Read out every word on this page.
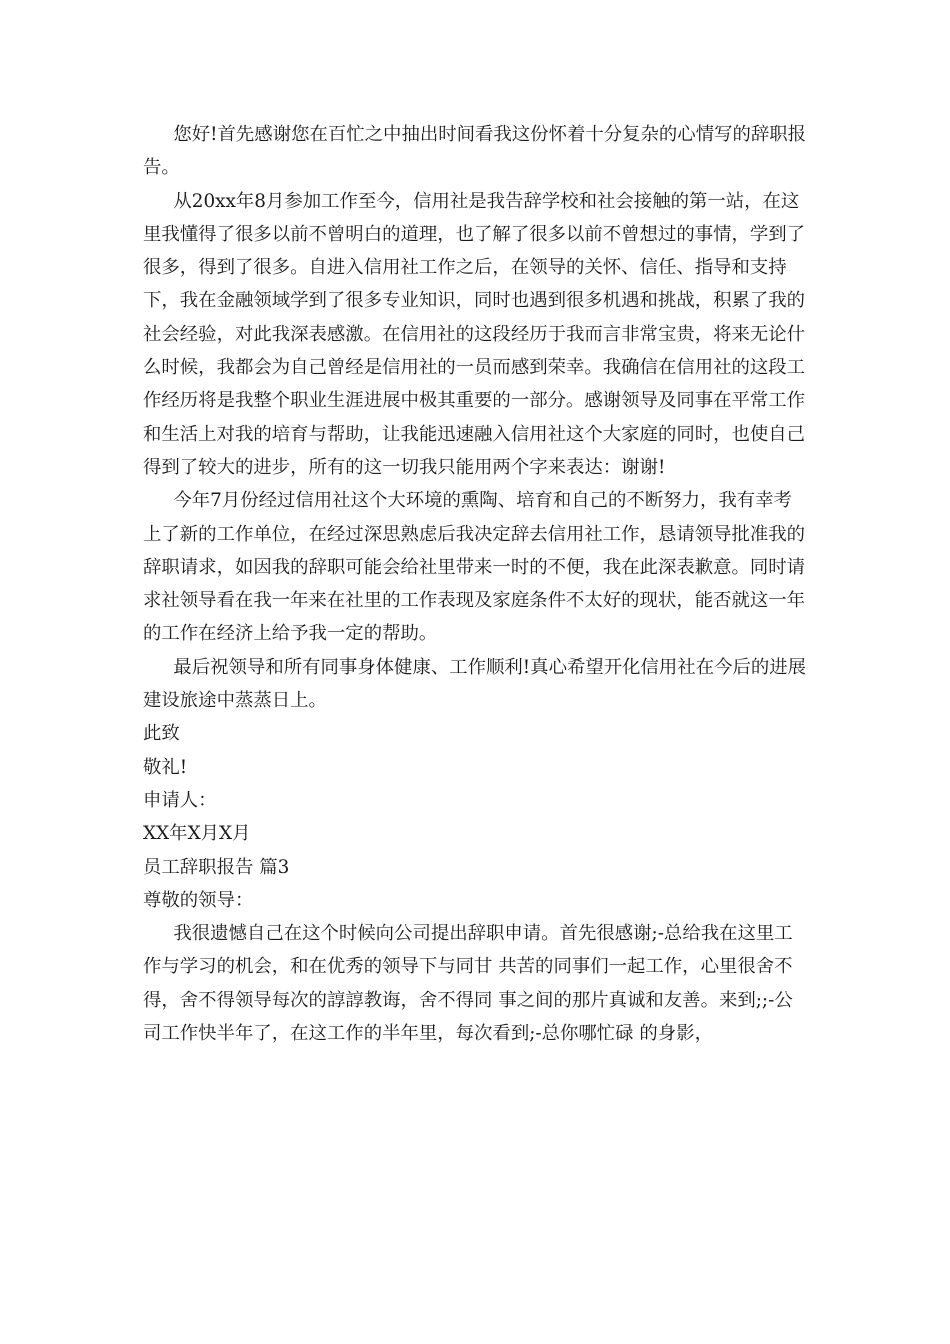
您好!首先感谢您在百忙之中抽出时间看我这份怀着十分复杂的心情写的辞职报告。

从20xx年8月参加工作至今，信用社是我告辞学校和社会接触的第一站，在这里我懂得了很多以前不曾明白的道理，也了解了很多以前不曾想过的事情，学到了很多，得到了很多。自进入信用社工作之后，在领导的关怀、信任、指导和支持下，我在金融领域学到了很多专业知识，同时也遇到很多机遇和挑战，积累了我的社会经验，对此我深表感激。在信用社的这段经历于我而言非常宝贵，将来无论什么时候，我都会为自己曾经是信用社的一员而感到荣幸。我确信在信用社的这段工作经历将是我整个职业生涯进展中极其重要的一部分。感谢领导及同事在平常工作和生活上对我的培育与帮助，让我能迅速融入信用社这个大家庭的同时，也使自己得到了较大的进步，所有的这一切我只能用两个字来表达：谢谢!

今年7月份经过信用社这个大环境的熏陶、培育和自己的不断努力，我有幸考上了新的工作单位，在经过深思熟虑后我决定辞去信用社工作，恳请领导批准我的辞职请求，如因我的辞职可能会给社里带来一时的不便，我在此深表歉意。同时请求社领导看在我一年来在社里的工作表现及家庭条件不太好的现状，能否就这一年的工作在经济上给予我一定的帮助。

最后祝领导和所有同事身体健康、工作顺利!真心希望开化信用社在今后的进展建设旅途中蒸蒸日上。

此致

敬礼!

申请人：

XX年X月X月

员工辞职报告 篇3

尊敬的领导：

我很遗憾自己在这个时候向公司提出辞职申请。首先很感谢;-总给我在这里工作与学习的机会，和在优秀的领导下与同甘 共苦的同事们一起工作，心里很舍不得，舍不得领导每次的諄諄教诲，舍不得同 事之间的那片真诚和友善。来到;;-公司工作快半年了，在这工作的半年里，每次看到;-总你哪忙碌 的身影，
